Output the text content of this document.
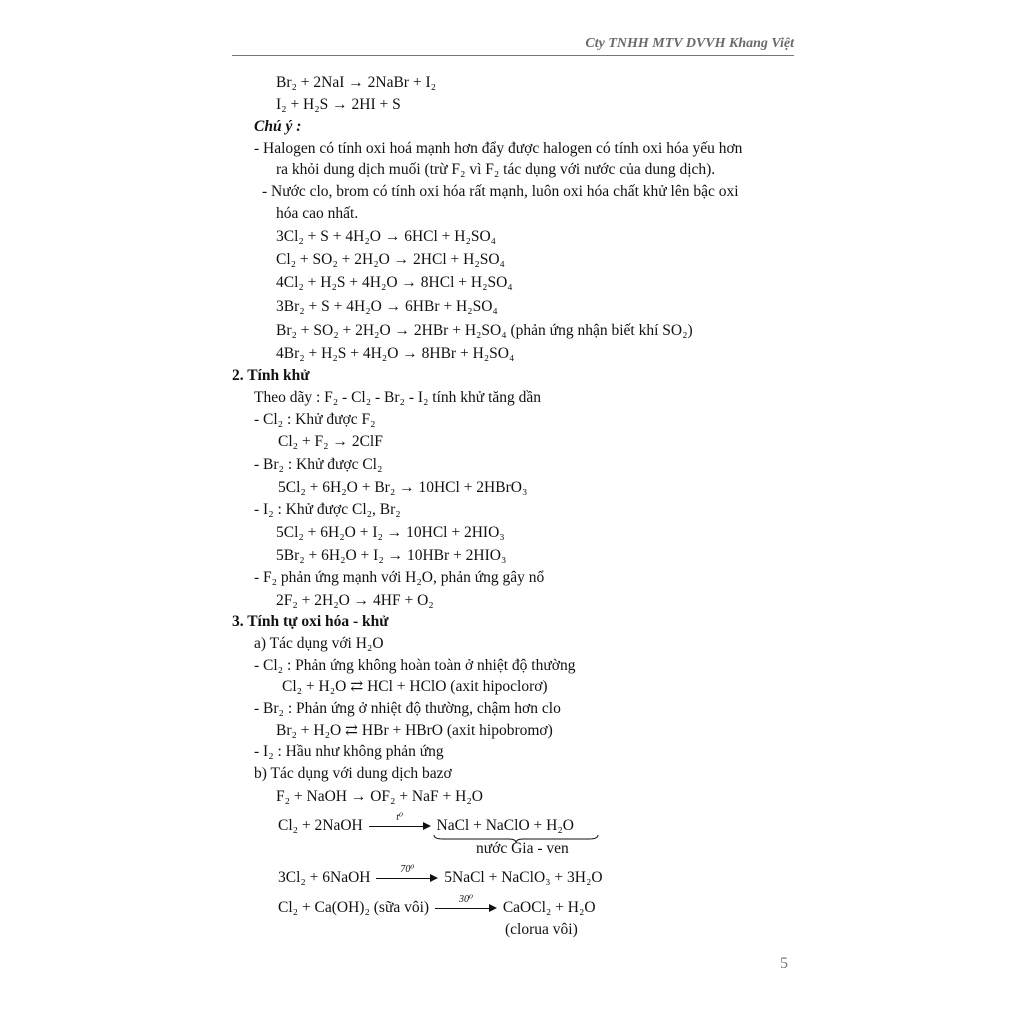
Cty TNHH MTV DVVH Khang Việt
Br₂ + 2NaI → 2NaBr + I₂
I₂ + H₂S → 2HI + S
Chú ý :
- Halogen có tính oxi hoá mạnh hơn đẩy được halogen có tính oxi hóa yếu hơn
ra khỏi dung dịch muối (trừ F₂ vì F₂ tác dụng với nước của dung dịch).
- Nước clo, brom có tính oxi hóa rất mạnh, luôn oxi hóa chất khử lên bậc oxi
hóa cao nhất.
3Cl₂ + S + 4H₂O → 6HCl + H₂SO₄
Cl₂ + SO₂ + 2H₂O → 2HCl + H₂SO₄
4Cl₂ + H₂S + 4H₂O → 8HCl + H₂SO₄
3Br₂ + S + 4H₂O → 6HBr + H₂SO₄
Br₂ + SO₂ + 2H₂O → 2HBr + H₂SO₄ (phản ứng nhận biết khí SO₂)
4Br₂ + H₂S + 4H₂O → 8HBr + H₂SO₄
2. Tính khử
Theo dãy : F₂ - Cl₂ - Br₂ - I₂ tính khử tăng dần
- Cl₂ : Khử được F₂
Cl₂ + F₂ → 2ClF
- Br₂ : Khử được Cl₂
5Cl₂ + 6H₂O + Br₂ → 10HCl + 2HBrO₃
- I₂ : Khử được Cl₂, Br₂
5Cl₂ + 6H₂O + I₂ → 10HCl + 2HIO₃
5Br₂ + 6H₂O + I₂ → 10HBr + 2HIO₃
- F₂ phản ứng mạnh với H₂O, phản ứng gây nổ
2F₂ + 2H₂O → 4HF + O₂
3. Tính tự oxi hóa - khử
a) Tác dụng với H₂O
- Cl₂ : Phản ứng không hoàn toàn ở nhiệt độ thường
Cl₂ + H₂O ⇄ HCl + HClO (axit hipoclorơ)
- Br₂ : Phản ứng ở nhiệt độ thường, chậm hơn clo
Br₂ + H₂O ⇄ HBr + HBrO (axit hipobromơ)
- I₂ : Hầu như không phản ứng
b) Tác dụng với dung dịch bazơ
F₂ + NaOH → OF₂ + NaF + H₂O
Cl₂ + 2NaOH	t⁰	NaCl + NaClO + H₂O
nước Gia - ven
3Cl₂ + 6NaOH	70⁰	5NaCl + NaClO₃ + 3H₂O
Cl₂ + Ca(OH)₂ (sữa vôi)	30⁰	CaOCl₂ + H₂O
(clorua vôi)
5
